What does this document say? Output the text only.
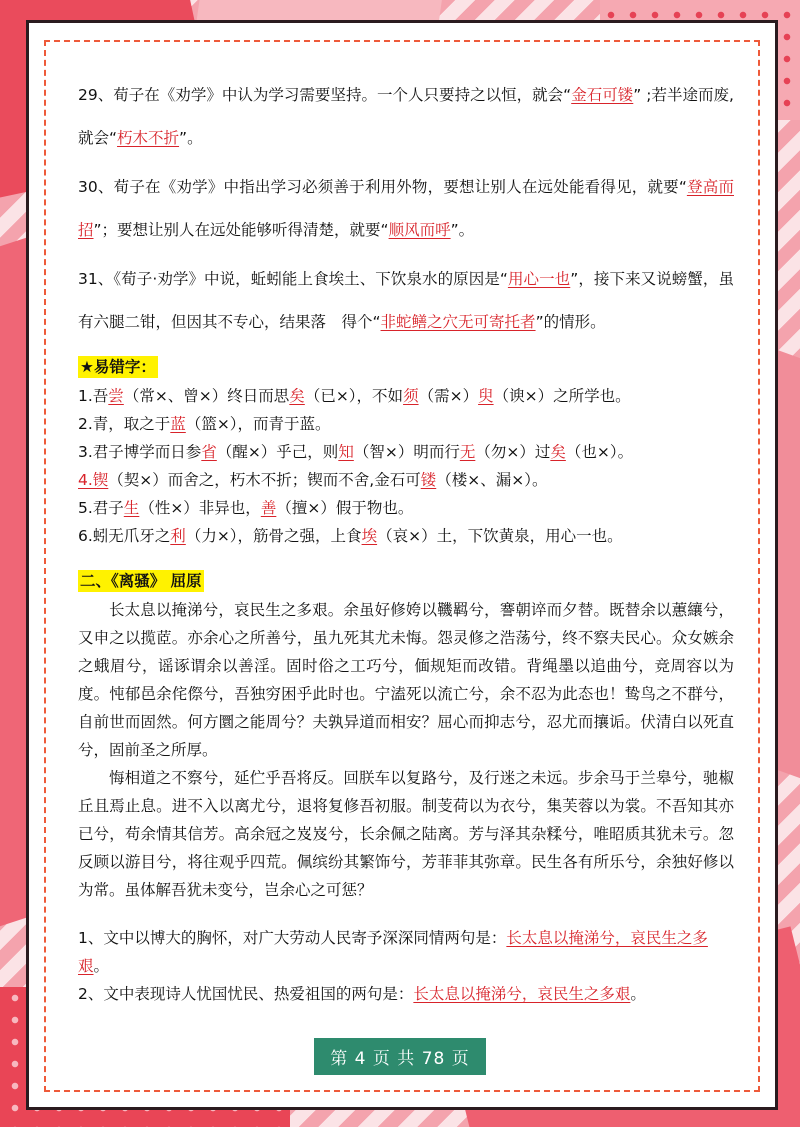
29、荀子在《劝学》中认为学习需要坚持。一个人只要持之以恒，就会“金石可镂” ;若半途而废,就会“朽木不折”。

30、荀子在《劝学》中指出学习必须善于利用外物，要想让别人在远处能看得见，就要“登高而招”；要想让别人在远处能够听得清楚，就要“顺风而呼”。

31、《荀子·劝学》中说，蚯蚓能上食埃土、下饮泉水的原因是“用心一也”，接下来又说螃蟹，虽有六腿二钳，但因其不专心，结果落　得个“非蛇鳝之穴无可寄托者”的情形。

★易错字：

1.吾尝（常×、曾×）终日而思矣（已×），不如须（需×）臾（谀×）之所学也。

2.青，取之于蓝（篮×），而青于蓝。

3.君子博学而日参省（醒×）乎己，则知（智×）明而行无（勿×）过矣（也×）。

4.锲（契×）而舍之，朽木不折；锲而不舍,金石可镂（楼×、漏×）。

5.君子生（性×）非异也，善（擅×）假于物也。

6.蚓无爪牙之利（力×），筋骨之强，上食埃（哀×）土，下饮黄泉，用心一也。

二、《离骚》 屈原

长太息以掩涕兮，哀民生之多艰。余虽好修姱以鞿羁兮，謇朝谇而夕替。既替余以蕙纕兮，又申之以揽茝。亦余心之所善兮，虽九死其尤未悔。怨灵修之浩荡兮，终不察夫民心。众女嫉余之蛾眉兮，谣诼谓余以善淫。固时俗之工巧兮，偭规矩而改错。背绳墨以追曲兮，竞周容以为度。忳郁邑余侘傺兮，吾独穷困乎此时也。宁溘死以流亡兮，余不忍为此态也！鸷鸟之不群兮，自前世而固然。何方圜之能周兮？夫孰异道而相安？屈心而抑志兮，忍尤而攘诟。伏清白以死直兮，固前圣之所厚。

悔相道之不察兮，延伫乎吾将反。回朕车以复路兮，及行迷之未远。步余马于兰皋兮，驰椒丘且焉止息。进不入以离尤兮，退将复修吾初服。制芰荷以为衣兮，集芙蓉以为裳。不吾知其亦已兮，苟余情其信芳。高余冠之岌岌兮，长余佩之陆离。芳与泽其杂糅兮，唯昭质其犹未亏。忽反顾以游目兮，将往观乎四荒。佩缤纷其繁饰兮，芳菲菲其弥章。民生各有所乐兮，余独好修以为常。虽体解吾犹未变兮，岂余心之可惩？

1、文中以博大的胸怀，对广大劳动人民寄予深深同情两句是：长太息以掩涕兮，哀民生之多艰。

2、文中表现诗人忧国忧民、热爱祖国的两句是：长太息以掩涕兮，哀民生之多艰。

第 4 页 共 78 页
